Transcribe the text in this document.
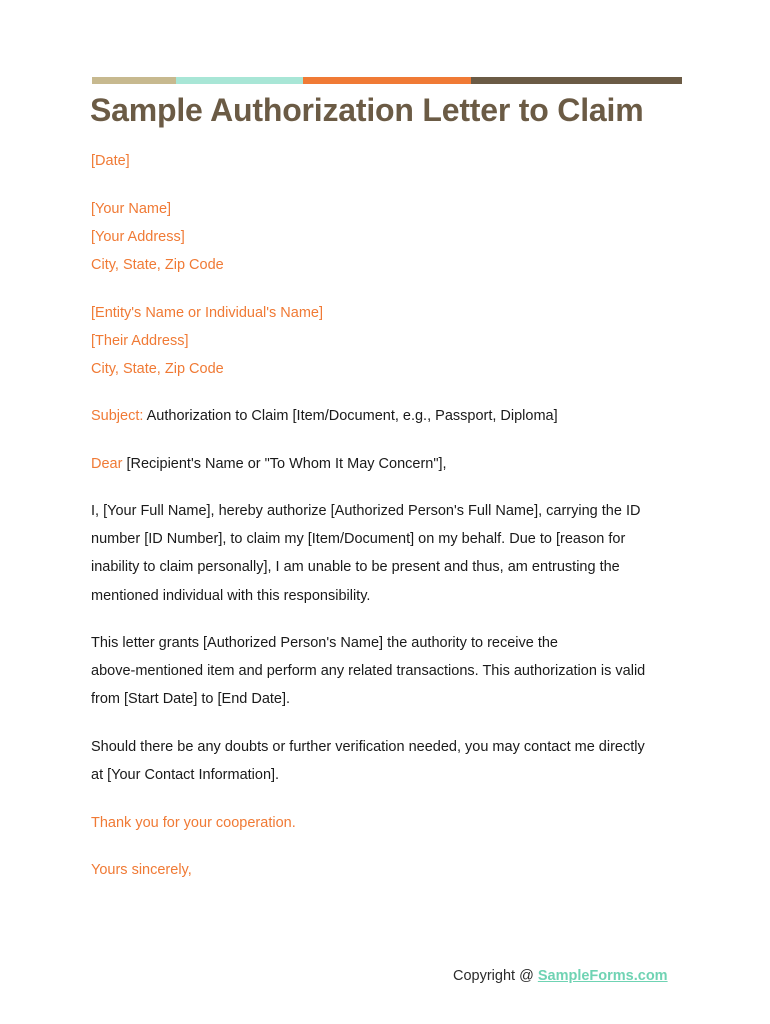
Sample Authorization Letter to Claim

[Date]

[Your Name]

[Your Address]

City, State, Zip Code

[Entity's Name or Individual's Name]

[Their Address]

City, State, Zip Code

Subject: Authorization to Claim [Item/Document, e.g., Passport, Diploma]

Dear [Recipient's Name or "To Whom It May Concern"],

I, [Your Full Name], hereby authorize [Authorized Person's Full Name], carrying the ID

number [ID Number], to claim my [Item/Document] on my behalf. Due to [reason for

inability to claim personally], I am unable to be present and thus, am entrusting the

mentioned individual with this responsibility.

This letter grants [Authorized Person's Name] the authority to receive the

above-mentioned item and perform any related transactions. This authorization is valid

from [Start Date] to [End Date].

Should there be any doubts or further verification needed, you may contact me directly

at [Your Contact Information].

Thank you for your cooperation.

Yours sincerely,

Copyright @ SampleForms.com
